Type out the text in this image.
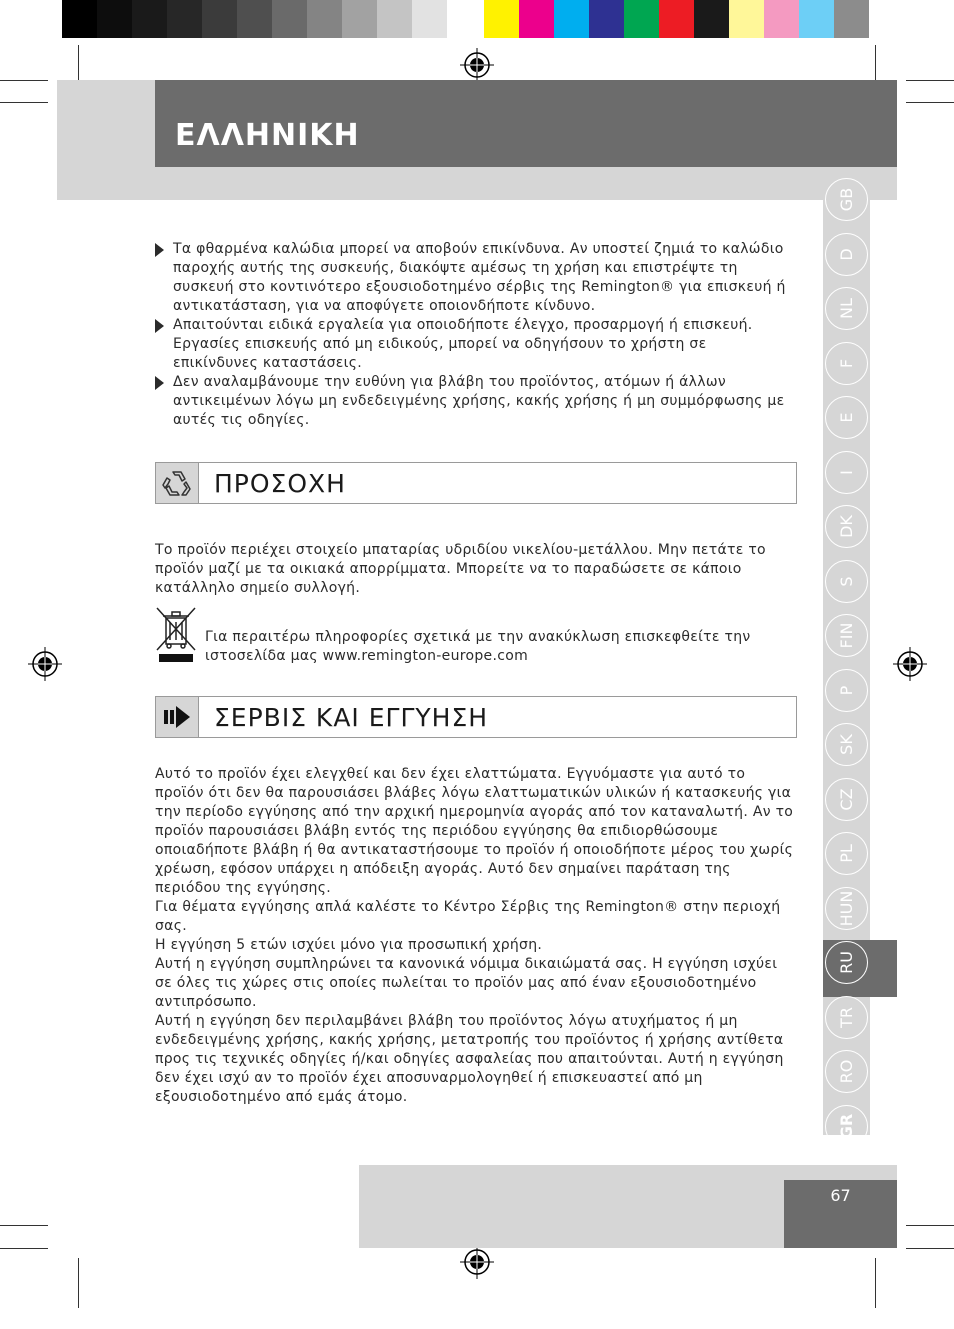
ΕΛΛΗΝΙΚΗ
GB
D
NL
F
E
I
DK
S
FIN
P
SK
CZ
PL
HUN
RU
TR
RO
GR

AE
Τα φθαρμένα καλώδια μπορεί να αποβούν επικίνδυνα. Αν υποστεί ζημιά το καλώδιο παροχής αυτής της συσκευής, διακόψτε αμέσως τη χρήση και επιστρέψτε τη συσκευή στο κοντινότερο εξουσιοδοτημένο σέρβις της Remington® για επισκευή ή αντικατάσταση, για να αποφύγετε οποιονδήποτε κίνδυνο.
Απαιτούνται ειδικά εργαλεία για οποιοδήποτε έλεγχο, προσαρμογή ή επισκευή. Εργασίες επισκευής από μη ειδικούς, μπορεί να οδηγήσουν το χρήστη σε επικίνδυνες καταστάσεις.
Δεν αναλαμβάνουμε την ευθύνη για βλάβη του προϊόντος, ατόμων ή άλλων αντικειμένων λόγω μη ενδεδειγμένης χρήσης, κακής χρήσης ή μη συμμόρφωσης με αυτές τις οδηγίες.
ΠΡΟΣΟΧΗ

Το προϊόν περιέχει στοιχείο μπαταρίας υδριδίου νικελίου-μετάλλου. Μην πετάτε το προϊόν μαζί με τα οικιακά απορρίμματα. Μπορείτε να το παραδώσετε σε κάποιο κατάλληλο σημείο συλλογή.

Για περαιτέρω πληροφορίες σχετικά με την ανακύκλωση επισκεφθείτε την ιστοσελίδα μας www.remington-europe.com

ΣΕΡΒΙΣ ΚΑΙ ΕΓΓΥΗΣΗ
Αυτό το προϊόν έχει ελεγχθεί και δεν έχει ελαττώματα. Εγγυόμαστε για αυτό το προϊόν ότι δεν θα παρουσιάσει βλάβες λόγω ελαττωματικών υλικών ή κατασκευής για την περίοδο εγγύησης από την αρχική ημερομηνία αγοράς από τον καταναλωτή. Αν το προϊόν παρουσιάσει βλάβη εντός της περιόδου εγγύησης θα επιδιορθώσουμε οποιαδήποτε βλάβη ή θα αντικαταστήσουμε το προϊόν ή οποιοδήποτε μέρος του χωρίς χρέωση, εφόσον υπάρχει η απόδειξη αγοράς. Αυτό δεν σημαίνει παράταση της περιόδου της εγγύησης.
Για θέματα εγγύησης απλά καλέστε το Κέντρο Σέρβις της Remington® στην περιοχή σας.
Η εγγύηση 5 ετών ισχύει μόνο για προσωπική χρήση.
Αυτή η εγγύηση συμπληρώνει τα κανονικά νόμιμα δικαιώματά σας. Η εγγύηση ισχύει σε όλες τις χώρες στις οποίες πωλείται το προϊόν μας από έναν εξουσιοδοτημένο αντιπρόσωπο.
Αυτή η εγγύηση δεν περιλαμβάνει βλάβη του προϊόντος λόγω ατυχήματος ή μη ενδεδειγμένης χρήσης, κακής χρήσης, μετατροπής του προϊόντος ή χρήσης αντίθετα προς τις τεχνικές οδηγίες ή/και οδηγίες ασφαλείας που απαιτούνται. Αυτή η εγγύηση δεν έχει ισχύ αν το προϊόν έχει αποσυναρμολογηθεί ή επισκευαστεί από μη εξουσιοδοτημένο από εμάς άτομο.
67
